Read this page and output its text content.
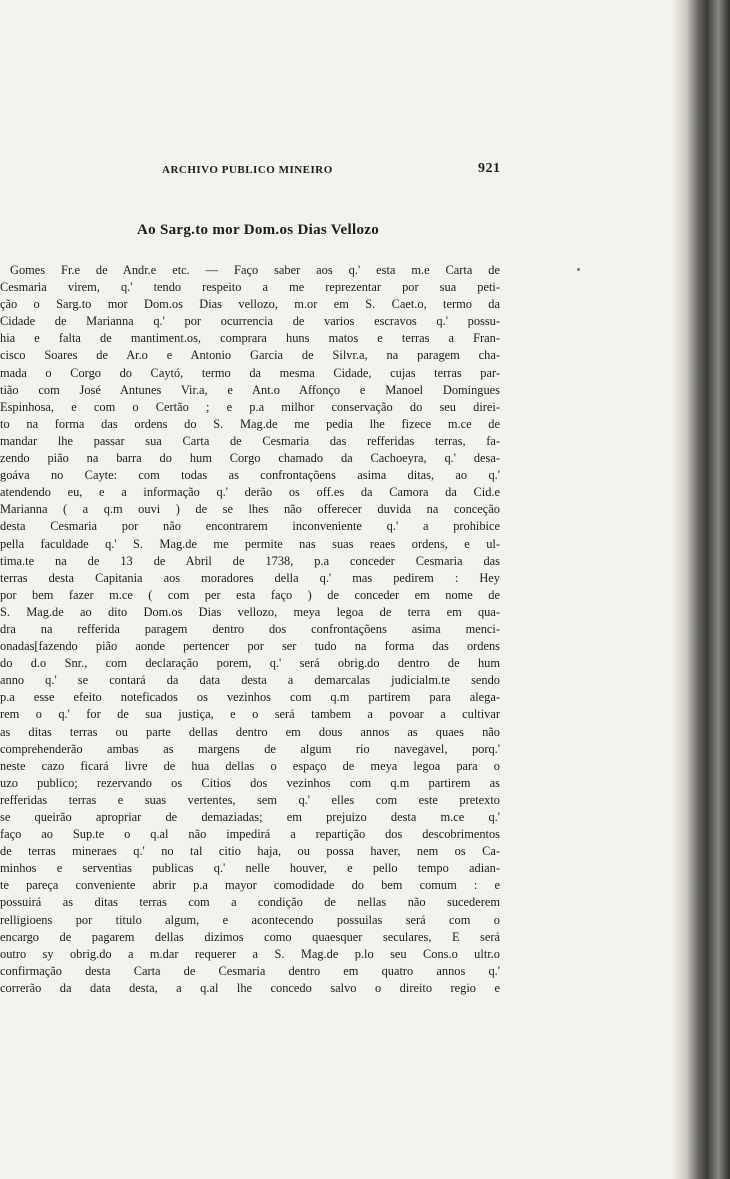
ARCHIVO PUBLICO MINEIRO	921
Ao Sarg.to mor Dom.os Dias Vellozo
Gomes Fr.e de Andr.e etc. — Faço saber aos q.' esta m.e Carta de
Cesmaria virem, q.' tendo respeito a me reprezentar por sua peti-
ção o Sarg.to mor Dom.os Dias vellozo, m.or em S. Caet.o, termo da
Cidade de Marianna q.' por ocurrencia de varios escravos q.' possu-
hia e falta de mantiment.os, comprara huns matos e terras a Fran-
cisco Soares de Ar.o e Antonio Garcia de Silvr.a, na paragem cha-
mada o Corgo do Caytó, termo da mesma Cidade, cujas terras par-
tião com José Antunes Vir.a, e Ant.o Affonço e Manoel Domingues
Espinhosa, e com o Certão ; e p.a milhor conservação do seu direi-
to na forma das ordens do S. Mag.de me pedia lhe fizece m.ce de
mandar lhe passar sua Carta de Cesmaria das refferidas terras, fa-
zendo pião na barra do hum Corgo chamado da Cachoeyra, q.' desa-
goáva no Cayte: com todas as confrontaçõens asima ditas, ao q.'
atendendo eu, e a informação q.' derão os off.es da Camora da Cid.e
Marianna ( a q.m ouvi ) de se lhes não offerecer duvida na conceção
desta Cesmaria por não encontrarem inconveniente q.' a prohibice
pella faculdade q.' S. Mag.de me permite nas suas reaes ordens, e ul-
tima.te na de 13 de Abril de 1738, p.a conceder Cesmaria das
terras desta Capitania aos moradores della q.' mas pedirem : Hey
por bem fazer m.ce ( com per esta faço ) de conceder em nome de
S. Mag.de ao dito Dom.os Dias vellozo, meya legoa de terra em qua-
dra na refferida paragem dentro dos confrontaçõens asima menci-
onadas[fazendo pião aonde pertencer por ser tudo na forma das ordens
do d.o Snr., com declaração porem, q.' será obrig.do dentro de hum
anno q.' se contará da data desta a demarcalas judicialm.te sendo
p.a esse efeito noteficados os vezinhos com q.m partirem para alega-
rem o q.' for de sua justiça, e o será tambem a povoar a cultivar
as ditas terras ou parte dellas dentro em dous annos as quaes não
comprehenderão ambas as margens de algum rio navegavel, porq.'
neste cazo ficará livre de hua dellas o espaço de meya legoa para o
uzo publico; rezervando os Citios dos vezinhos com q.m partirem as
refferidas terras e suas vertentes, sem q.' elles com este pretexto
se queirão apropriar de demaziadas; em prejuizo desta m.ce q.'
faço ao Sup.te o q.al não impedirá a repartição dos descobrimentos
de terras mineraes q.' no tal citio haja, ou possa haver, nem os Ca-
minhos e serventias publicas q.' nelle houver, e pello tempo adian-
te pareça conveniente abrir p.a mayor comodidade do bem comum : e
possuirá as ditas terras com a condição de nellas não sucederem
relligioens por titulo algum, e acontecendo possuilas será com o
encargo de pagarem dellas dizimos como quaesquer seculares, E será
outro sy obrig.do a m.dar requerer a S. Mag.de p.lo seu Cons.o ultr.o
confirmação desta Carta de Cesmaria dentro em quatro annos q.'
correrão da data desta, a q.al lhe concedo salvo o direito regio e
